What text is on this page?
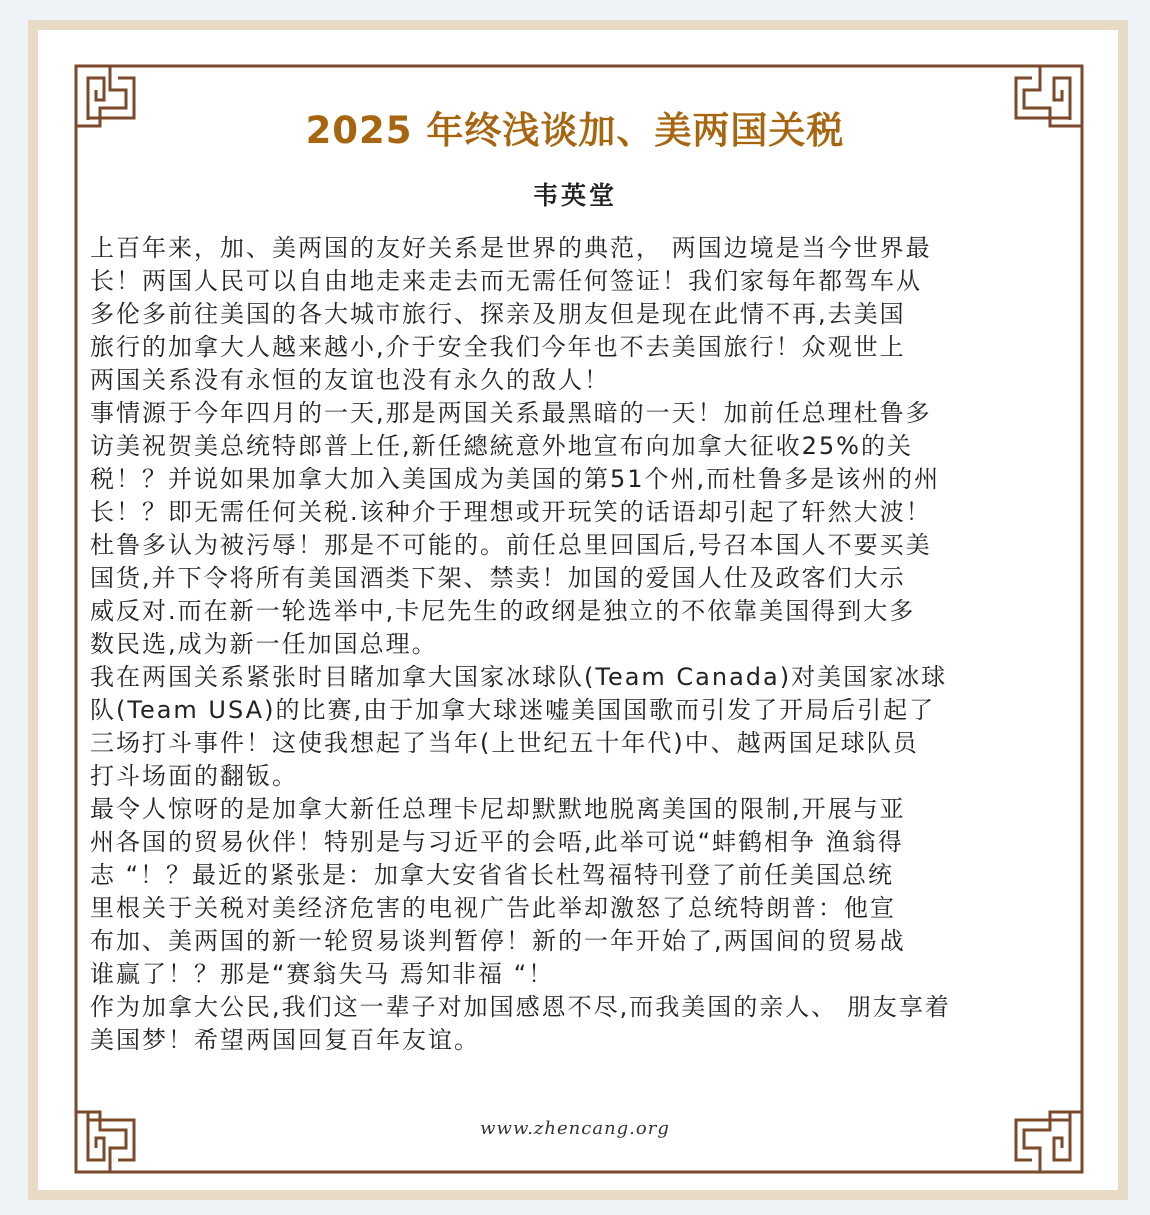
2025 年终浅谈加、美两国关税
韦英堂
上百年来，加、美两国的友好关系是世界的典范， 两国边境是当今世界最
长！两国人民可以自由地走来走去而无需任何签证！我们家每年都驾车从
多伦多前往美国的各大城市旅行、探亲及朋友但是现在此情不再,去美国
旅行的加拿大人越来越小,介于安全我们今年也不去美国旅行！众观世上
两国关系没有永恒的友谊也没有永久的敌人！
事情源于今年四月的一天,那是两国关系最黑暗的一天！加前任总理杜鲁多
访美祝贺美总统特郎普上任,新任總統意外地宣布向加拿大征收25%的关
税！？并说如果加拿大加入美国成为美国的第51个州,而杜鲁多是该州的州
长！？即无需任何关税.该种介于理想或开玩笑的话语却引起了轩然大波！
杜鲁多认为被污辱！那是不可能的。前任总里回国后,号召本国人不要买美
国货,并下令将所有美国酒类下架、禁卖！加国的爱国人仕及政客们大示
威反对.而在新一轮选举中,卡尼先生的政纲是独立的不依靠美国得到大多
数民选,成为新一任加国总理。
我在两国关系紧张时目睹加拿大国家冰球队(Team Canada)对美国家冰球
队(Team USA)的比赛,由于加拿大球迷嘘美国国歌而引发了开局后引起了
三场打斗事件！这使我想起了当年(上世纪五十年代)中、越两国足球队员
打斗场面的翻钣。
最令人惊呀的是加拿大新任总理卡尼却默默地脱离美国的限制,开展与亚
州各国的贸易伙伴！特别是与习近平的会唔,此举可说“蚌鹤相争 渔翁得
志 “！？最近的紧张是：加拿大安省省长杜驾福特刊登了前任美国总统
里根关于关税对美经济危害的电视广告此举却激怒了总统特朗普：他宣
布加、美两国的新一轮贸易谈判暂停！新的一年开始了,两国间的贸易战
谁赢了！？那是“赛翁失马 焉知非福 “！
作为加拿大公民,我们这一辈子对加国感恩不尽,而我美国的亲人、 朋友享着
美国梦！希望两国回复百年友谊。
www.zhencang.org
